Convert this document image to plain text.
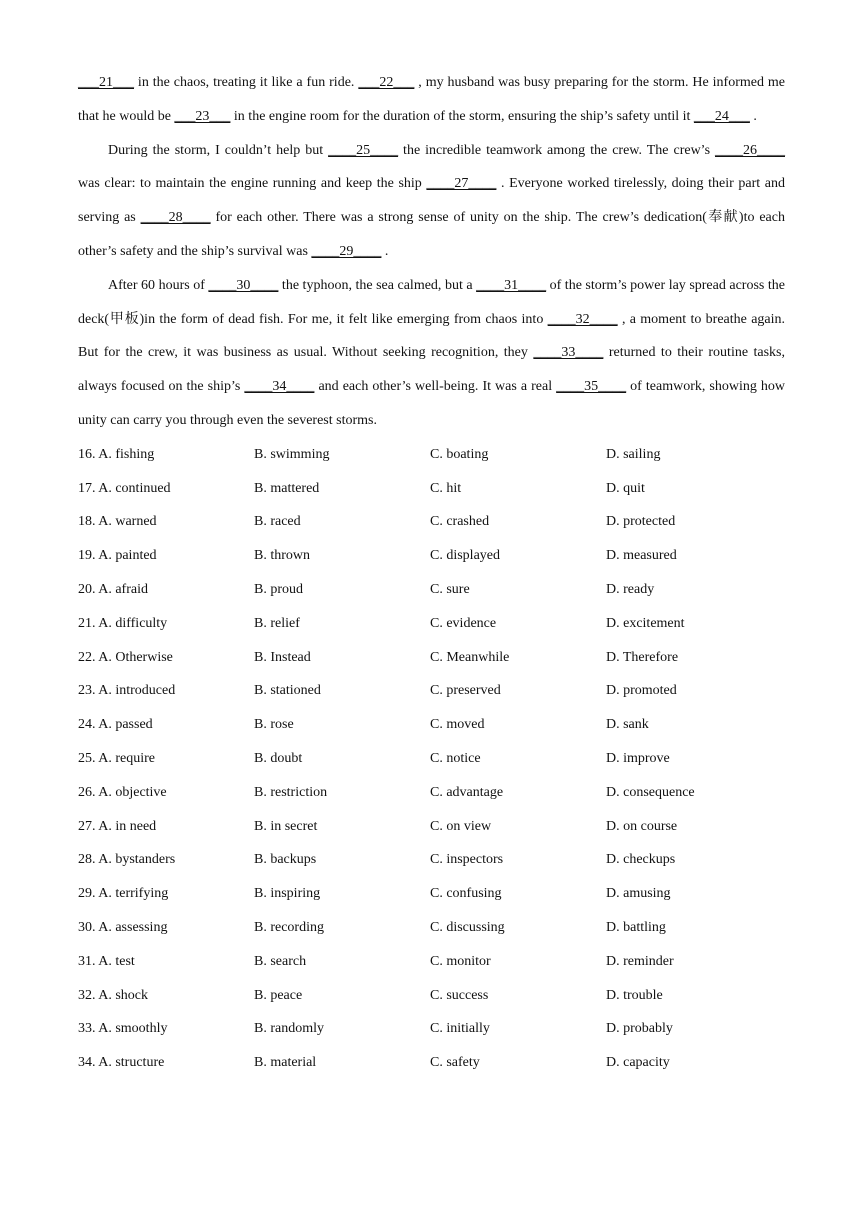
___21___ in the chaos, treating it like a fun ride. ___22___ , my husband was busy preparing for the storm. He informed me that he would be ___23___ in the engine room for the duration of the storm, ensuring the ship’s safety until it ___24___ .

During the storm, I couldn’t help but ____25____ the incredible teamwork among the crew. The crew’s ____26____ was clear: to maintain the engine running and keep the ship ____27____ . Everyone worked tirelessly, doing their part and serving as ____28____ for each other. There was a strong sense of unity on the ship. The crew’s dedication(奉献)to each other’s safety and the ship’s survival was ____29____ .

After 60 hours of ____30____ the typhoon, the sea calmed, but a ____31____ of the storm’s power lay spread across the deck(甲板)in the form of dead fish. For me, it felt like emerging from chaos into ____32____ , a moment to breathe again. But for the crew, it was business as usual. Without seeking recognition, they ____33____ returned to their routine tasks, always focused on the ship’s ____34____ and each other’s well-being. It was a real ____35____ of teamwork, showing how unity can carry you through even the severest storms.

16. A. fishing	B. swimming	C. boating	D. sailing
17. A. continued	B. mattered	C. hit	D. quit
18. A. warned	B. raced	C. crashed	D. protected
19. A. painted	B. thrown	C. displayed	D. measured
20. A. afraid	B. proud	C. sure	D. ready
21. A. difficulty	B. relief	C. evidence	D. excitement
22. A. Otherwise	B. Instead	C. Meanwhile	D. Therefore
23. A. introduced	B. stationed	C. preserved	D. promoted
24. A. passed	B. rose	C. moved	D. sank
25. A. require	B. doubt	C. notice	D. improve
26. A. objective	B. restriction	C. advantage	D. consequence
27. A. in need	B. in secret	C. on view	D. on course
28. A. bystanders	B. backups	C. inspectors	D. checkups
29. A. terrifying	B. inspiring	C. confusing	D. amusing
30. A. assessing	B. recording	C. discussing	D. battling
31. A. test	B. search	C. monitor	D. reminder
32. A. shock	B. peace	C. success	D. trouble
33. A. smoothly	B. randomly	C. initially	D. probably
34. A. structure	B. material	C. safety	D. capacity
